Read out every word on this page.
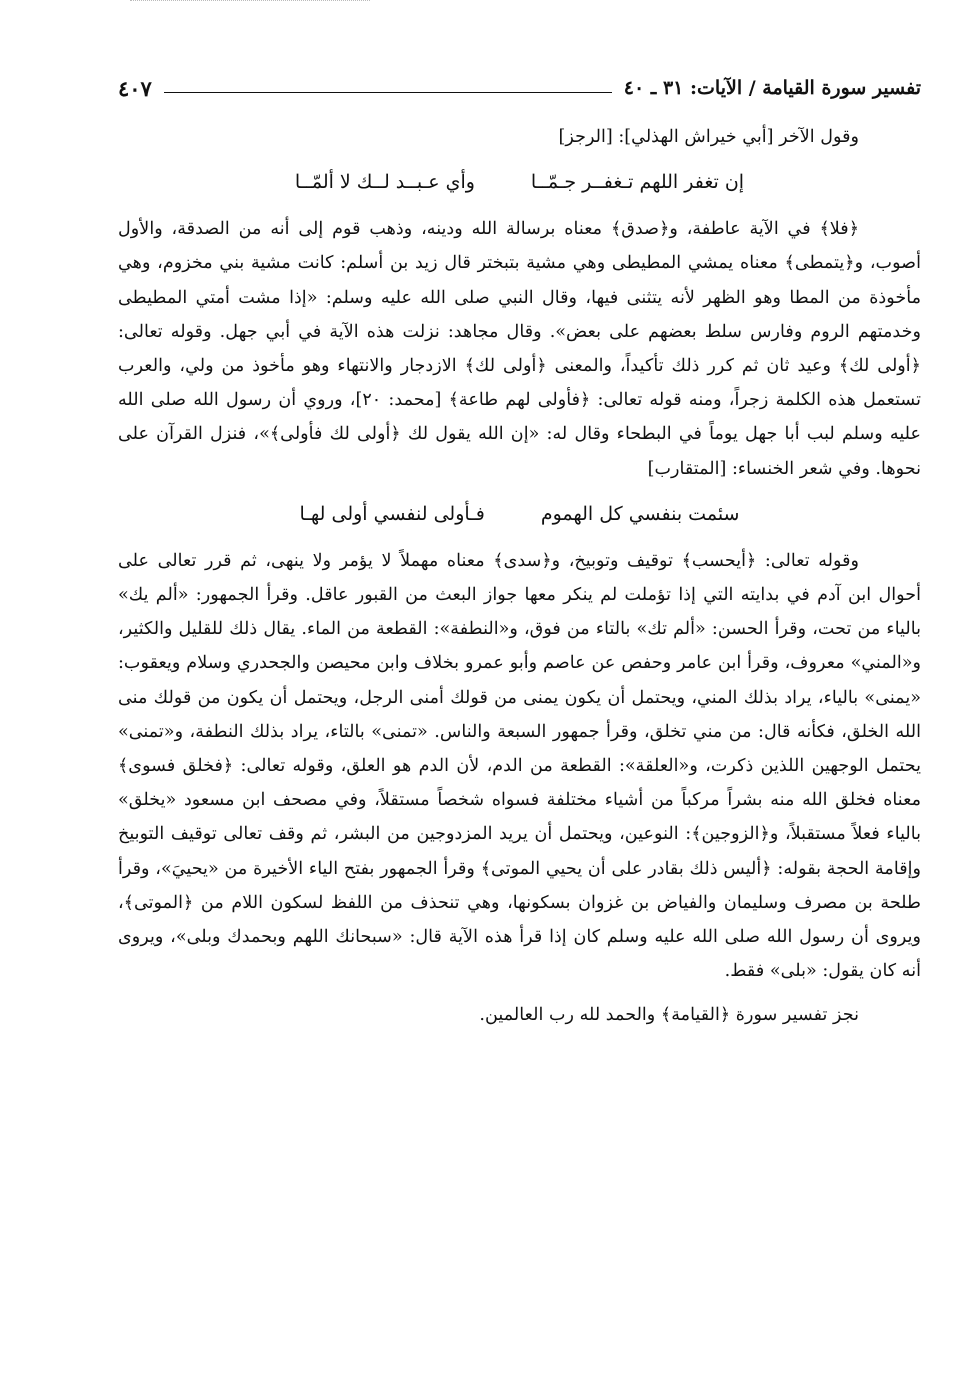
تفسير سورة القيامة / الآيات: ٣١ ـ ٤٠
٤٠٧

وقول الآخر [أبي خيراش الهذلي]: [الرجز]

إن تغفر اللهم تـغفــر جـمّــا
وأي عـبــد لــك لا ألمّــا

﴿فلا﴾ في الآية عاطفة، و﴿صدق﴾ معناه برسالة الله ودينه، وذهب قوم إلى أنه من الصدقة، والأول أصوب، و﴿يتمطى﴾ معناه يمشي المطيطى وهي مشية بتبختر قال زيد بن أسلم: كانت مشية بني مخزوم، وهي مأخوذة من المطا وهو الظهر لأنه يتثنى فيها، وقال النبي صلى الله عليه وسلم: «إذا مشت أمتي المطيطى وخدمتهم الروم وفارس سلط بعضهم على بعض». وقال مجاهد: نزلت هذه الآية في أبي جهل. وقوله تعالى: ﴿أولى لك﴾ وعيد ثان ثم كرر ذلك تأكيداً، والمعنى ﴿أولى لك﴾ الازدجار والانتهاء وهو مأخوذ من ولي، والعرب تستعمل هذه الكلمة زجراً، ومنه قوله تعالى: ﴿فأولى لهم طاعة﴾ [محمد: ٢٠]، وروي أن رسول الله صلى الله عليه وسلم لبب أبا جهل يوماً في البطحاء وقال له: «إن الله يقول لك ﴿أولى لك فأولى﴾»، فنزل القرآن على نحوها. وفي شعر الخنساء: [المتقارب]

سئمت بنفسي كل الهموم
فـأولى لنفسي أولى لهـا

وقوله تعالى: ﴿أيحسب﴾ توقيف وتوبيخ، و﴿سدى﴾ معناه مهملاً لا يؤمر ولا ينهى، ثم قرر تعالى على أحوال ابن آدم في بدايته التي إذا تؤملت لم ينكر معها جواز البعث من القبور عاقل. وقرأ الجمهور: «ألم يك» بالياء من تحت، وقرأ الحسن: «ألم تك» بالتاء من فوق، و«النطفة»: القطعة من الماء. يقال ذلك للقليل والكثير، و«المني» معروف، وقرأ ابن عامر وحفص عن عاصم وأبو عمرو بخلاف وابن محيصن والجحدري وسلام ويعقوب: «يمنى» بالياء، يراد بذلك المني، ويحتمل أن يكون يمنى من قولك أمنى الرجل، ويحتمل أن يكون من قولك منى الله الخلق، فكأنه قال: من مني تخلق، وقرأ جمهور السبعة والناس. «تمنى» بالتاء، يراد بذلك النطفة، و«تمنى» يحتمل الوجهين اللذين ذكرت، و«العلقة»: القطعة من الدم، لأن الدم هو العلق، وقوله تعالى: ﴿فخلق فسوى﴾ معناه فخلق الله منه بشراً مركباً من أشياء مختلفة فسواه شخصاً مستقلاً، وفي مصحف ابن مسعود «يخلق» بالياء فعلاً مستقبلاً، و﴿الزوجين﴾: النوعين، ويحتمل أن يريد المزدوجين من البشر، ثم وقف تعالى توقيف التوبيخ وإقامة الحجة بقوله: ﴿أليس ذلك بقادر على أن يحيي الموتى﴾ وقرأ الجمهور بفتح الياء الأخيرة من «يحييَ»، وقرأ طلحة بن مصرف وسليمان والفياض بن غزوان بسكونها، وهي تنحذف من اللفظ لسكون اللام من ﴿الموتى﴾، ويروى أن رسول الله صلى الله عليه وسلم كان إذا قرأ هذه الآية قال: «سبحانك اللهم وبحمدك وبلى»، ويروى أنه كان يقول: «بلى» فقط.

نجز تفسير سورة ﴿القيامة﴾ والحمد لله رب العالمين.
